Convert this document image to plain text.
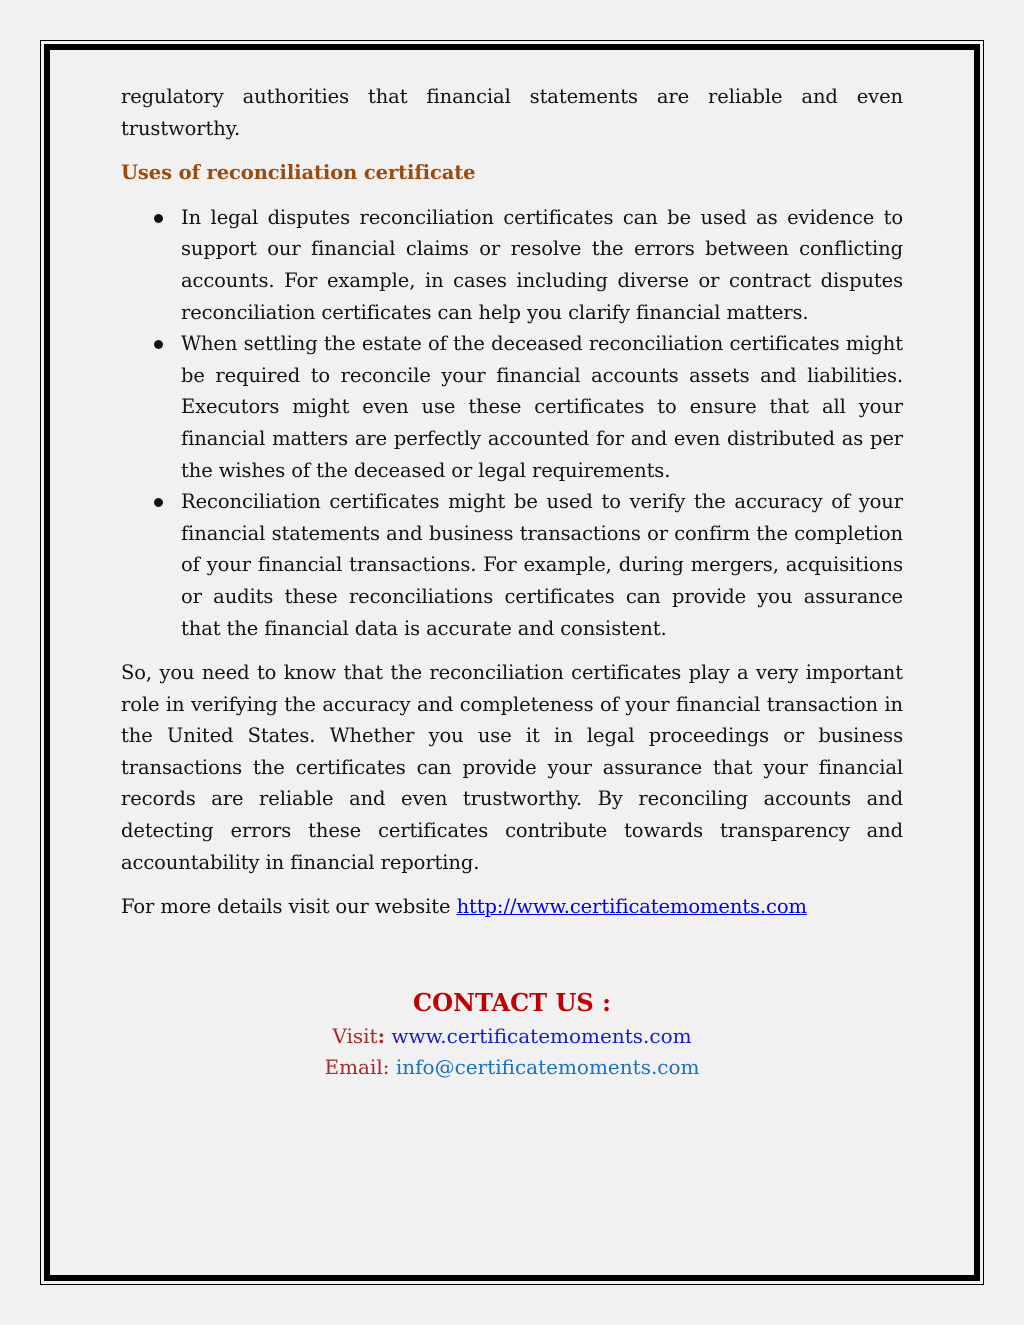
regulatory authorities that financial statements are reliable and even trustworthy.

Uses of reconciliation certificate

In legal disputes reconciliation certificates can be used as evidence to support our financial claims or resolve the errors between conflicting accounts. For example, in cases including diverse or contract disputes reconciliation certificates can help you clarify financial matters.
When settling the estate of the deceased reconciliation certificates might be required to reconcile your financial accounts assets and liabilities. Executors might even use these certificates to ensure that all your financial matters are perfectly accounted for and even distributed as per the wishes of the deceased or legal requirements.
Reconciliation certificates might be used to verify the accuracy of your financial statements and business transactions or confirm the completion of your financial transactions. For example, during mergers, acquisitions or audits these reconciliations certificates can provide you assurance that the financial data is accurate and consistent.

So, you need to know that the reconciliation certificates play a very important role in verifying the accuracy and completeness of your financial transaction in the United States. Whether you use it in legal proceedings or business transactions the certificates can provide your assurance that your financial records are reliable and even trustworthy. By reconciling accounts and detecting errors these certificates contribute towards transparency and accountability in financial reporting.

For more details visit our website http://www.certificatemoments.com

CONTACT US :

Visit: www.certificatemoments.com

Email: info@certificatemoments.com
